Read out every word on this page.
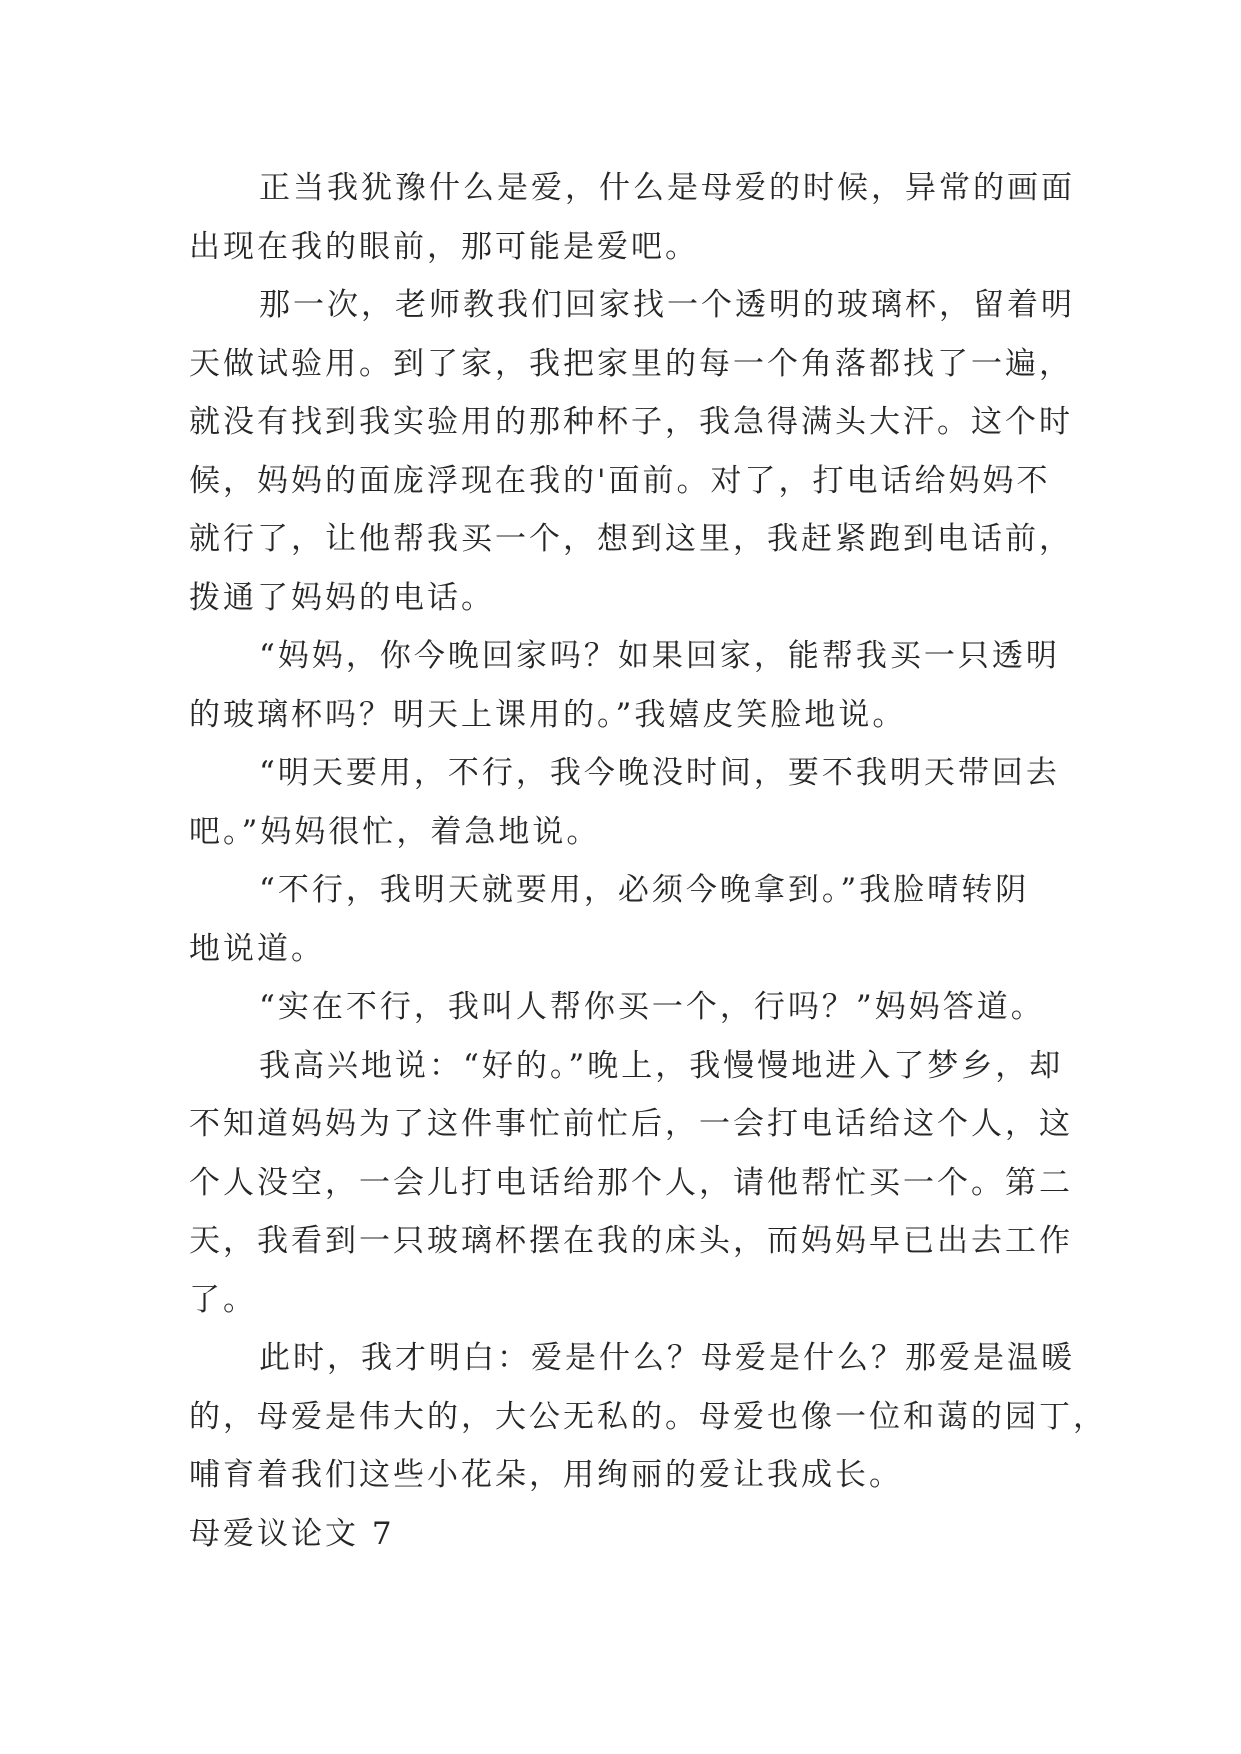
正当我犹豫什么是爱，什么是母爱的时候，异常的画面
出现在我的眼前，那可能是爱吧。
那一次，老师教我们回家找一个透明的玻璃杯，留着明
天做试验用。到了家，我把家里的每一个角落都找了一遍，
就没有找到我实验用的那种杯子，我急得满头大汗。这个时
候，妈妈的面庞浮现在我的'面前。对了，打电话给妈妈不
就行了，让他帮我买一个，想到这里，我赶紧跑到电话前，
拨通了妈妈的电话。
“妈妈，你今晚回家吗？如果回家，能帮我买一只透明
的玻璃杯吗？明天上课用的。”我嬉皮笑脸地说。
“明天要用，不行，我今晚没时间，要不我明天带回去
吧。”妈妈很忙，着急地说。
“不行，我明天就要用，必须今晚拿到。”我脸晴转阴
地说道。
“实在不行，我叫人帮你买一个，行吗？”妈妈答道。
我高兴地说：“好的。”晚上，我慢慢地进入了梦乡，却
不知道妈妈为了这件事忙前忙后，一会打电话给这个人，这
个人没空，一会儿打电话给那个人，请他帮忙买一个。第二
天，我看到一只玻璃杯摆在我的床头，而妈妈早已出去工作
了。
此时，我才明白：爱是什么？母爱是什么？那爱是温暖
的，母爱是伟大的，大公无私的。母爱也像一位和蔼的园丁，
哺育着我们这些小花朵，用绚丽的爱让我成长。
母爱议论文 7
